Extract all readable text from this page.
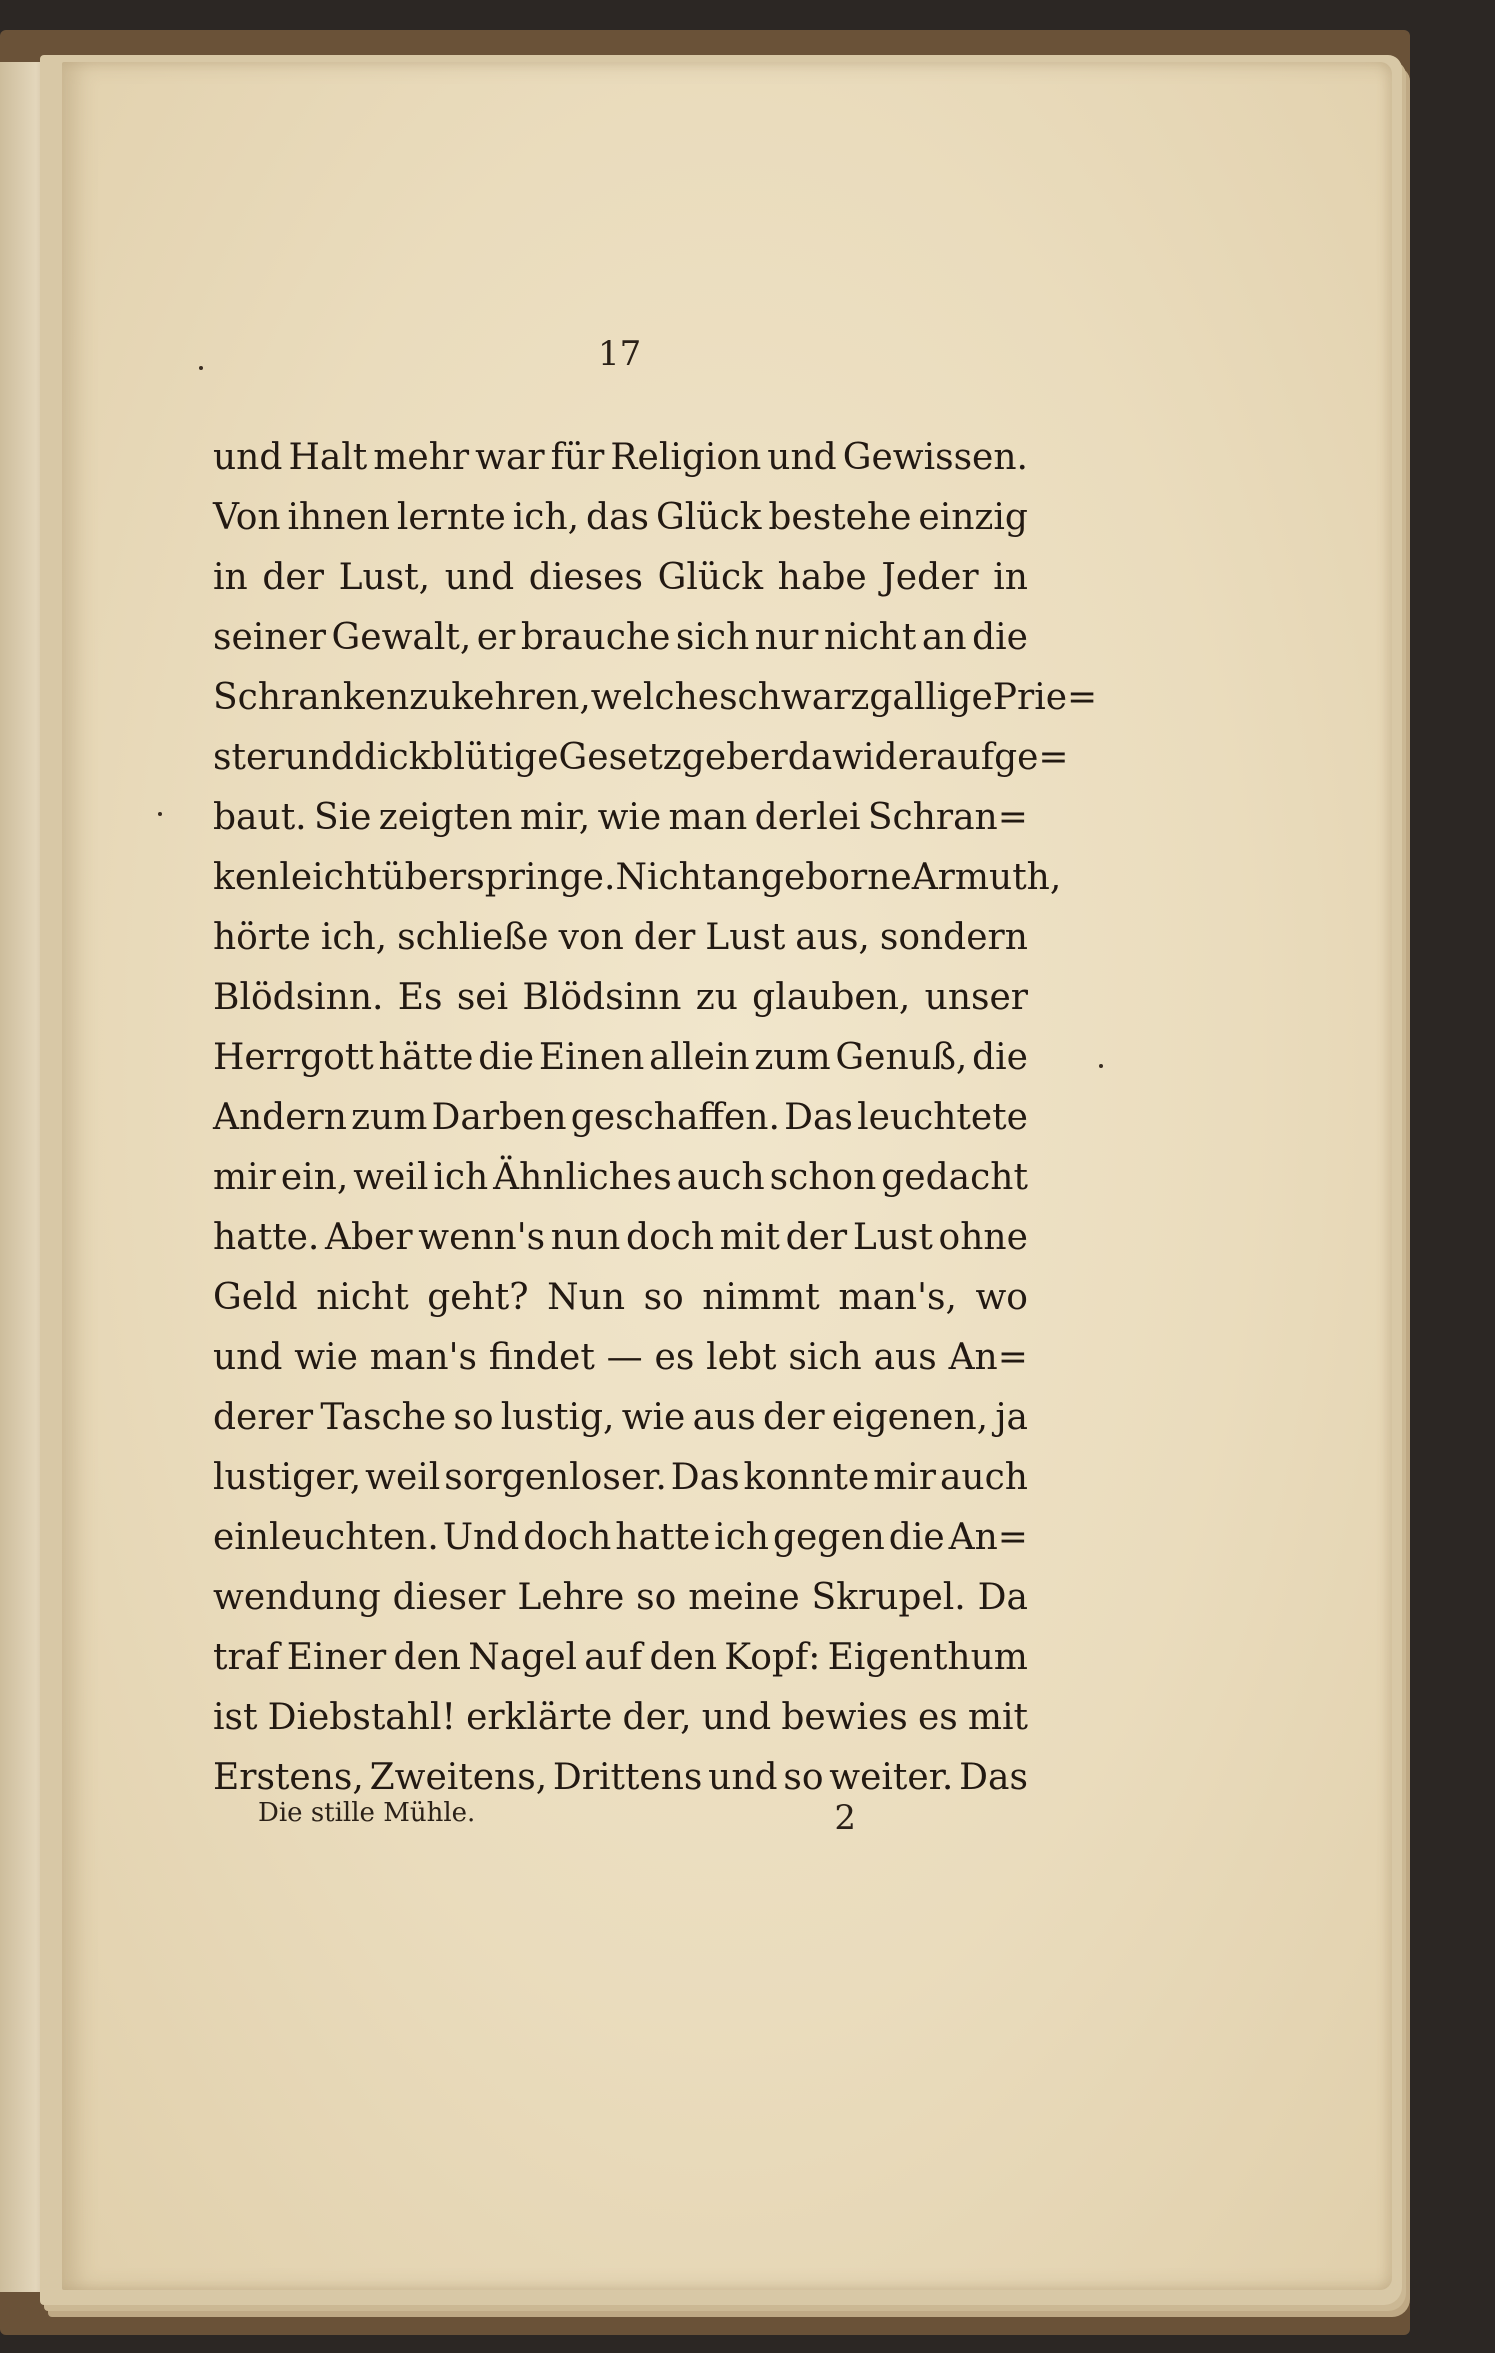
17
und Halt mehr war für Religion und Gewissen.
Von ihnen lernte ich, das Glück bestehe einzig
in der Lust, und dieses Glück habe Jeder in
seiner Gewalt, er brauche sich nur nicht an die
Schranken zu kehren, welche schwarzgallige Prie=
ster und dickblütige Gesetzgeber dawider aufge=
baut. Sie zeigten mir, wie man derlei Schran=
ken leicht überspringe. Nicht angeborne Armuth,
hörte ich, schließe von der Lust aus, sondern
Blödsinn. Es sei Blödsinn zu glauben, unser
Herrgott hätte die Einen allein zum Genuß, die
Andern zum Darben geschaffen. Das leuchtete
mir ein, weil ich Ähnliches auch schon gedacht
hatte. Aber wenn's nun doch mit der Lust ohne
Geld nicht geht? Nun so nimmt man's, wo
und wie man's findet — es lebt sich aus An=
derer Tasche so lustig, wie aus der eigenen, ja
lustiger, weil sorgenloser. Das konnte mir auch
einleuchten. Und doch hatte ich gegen die An=
wendung dieser Lehre so meine Skrupel. Da
traf Einer den Nagel auf den Kopf: Eigenthum
ist Diebstahl! erklärte der, und bewies es mit
Erstens, Zweitens, Drittens und so weiter. Das
Die stille Mühle.	2
